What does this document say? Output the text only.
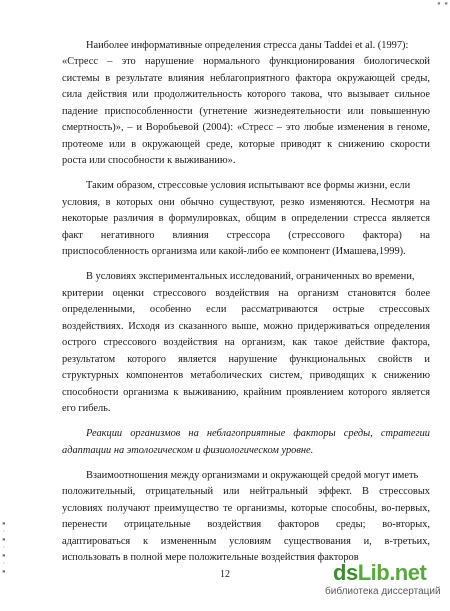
▪ ▪
Наиболее информативные определения стресса даны Taddei et al. (1997):
«Стресс – это нарушение нормального функционирования биологической
системы в результате влияния неблагоприятного фактора окружающей среды,
сила действия или продолжительность которого такова, что вызывает сильное
падение приспособленности (угнетение жизнедеятельности или повышенную
смертность)», – и Воробьевой (2004): «Стресс – это любые изменения в геноме,
протеоме или в окружающей среде, которые приводят к снижению скорости
роста или способности к выживанию».
Таким образом, стрессовые условия испытывают все формы жизни, если
условия, в которых они обычно существуют, резко изменяются. Несмотря на
некоторые различия в формулировках, общим в определении стресса является
факт негативного влияния стрессора (стрессового фактора) на
приспособленность организма или какой-либо ее компонент (Имашева,1999).
В условиях экспериментальных исследований, ограниченных во времени,
критерии оценки стрессового воздействия на организм становятся более
определенными, особенно если рассматриваются острые стрессовых
воздействиях. Исходя из сказанного выше, можно придерживаться определения
острого стрессового воздействия на организм, как такое действие фактора,
результатом которого является нарушение функциональных свойств и
структурных компонентов метаболических систем, приводящих к снижению
способности организма к выживанию, крайним проявлением которого является
его гибель.
Реакции организмов на неблагоприятные факторы среды, стратегии
адаптации на этологическом и физиологическом уровне.
Взаимоотношения между организмами и окружающей средой могут иметь
положительный, отрицательный или нейтральный эффект. В стрессовых
условиях получают преимущество те организмы, которые способны, во-первых,
перенести отрицательные воздействия факторов среды; во-вторых,
адаптироваться к измененным условиям существования и, в-третьих,
использовать в полной мере положительные воздействия факторов
▪
·
▪
·
▪
·
▪	12	dsLib.net
библиотека диссертаций
